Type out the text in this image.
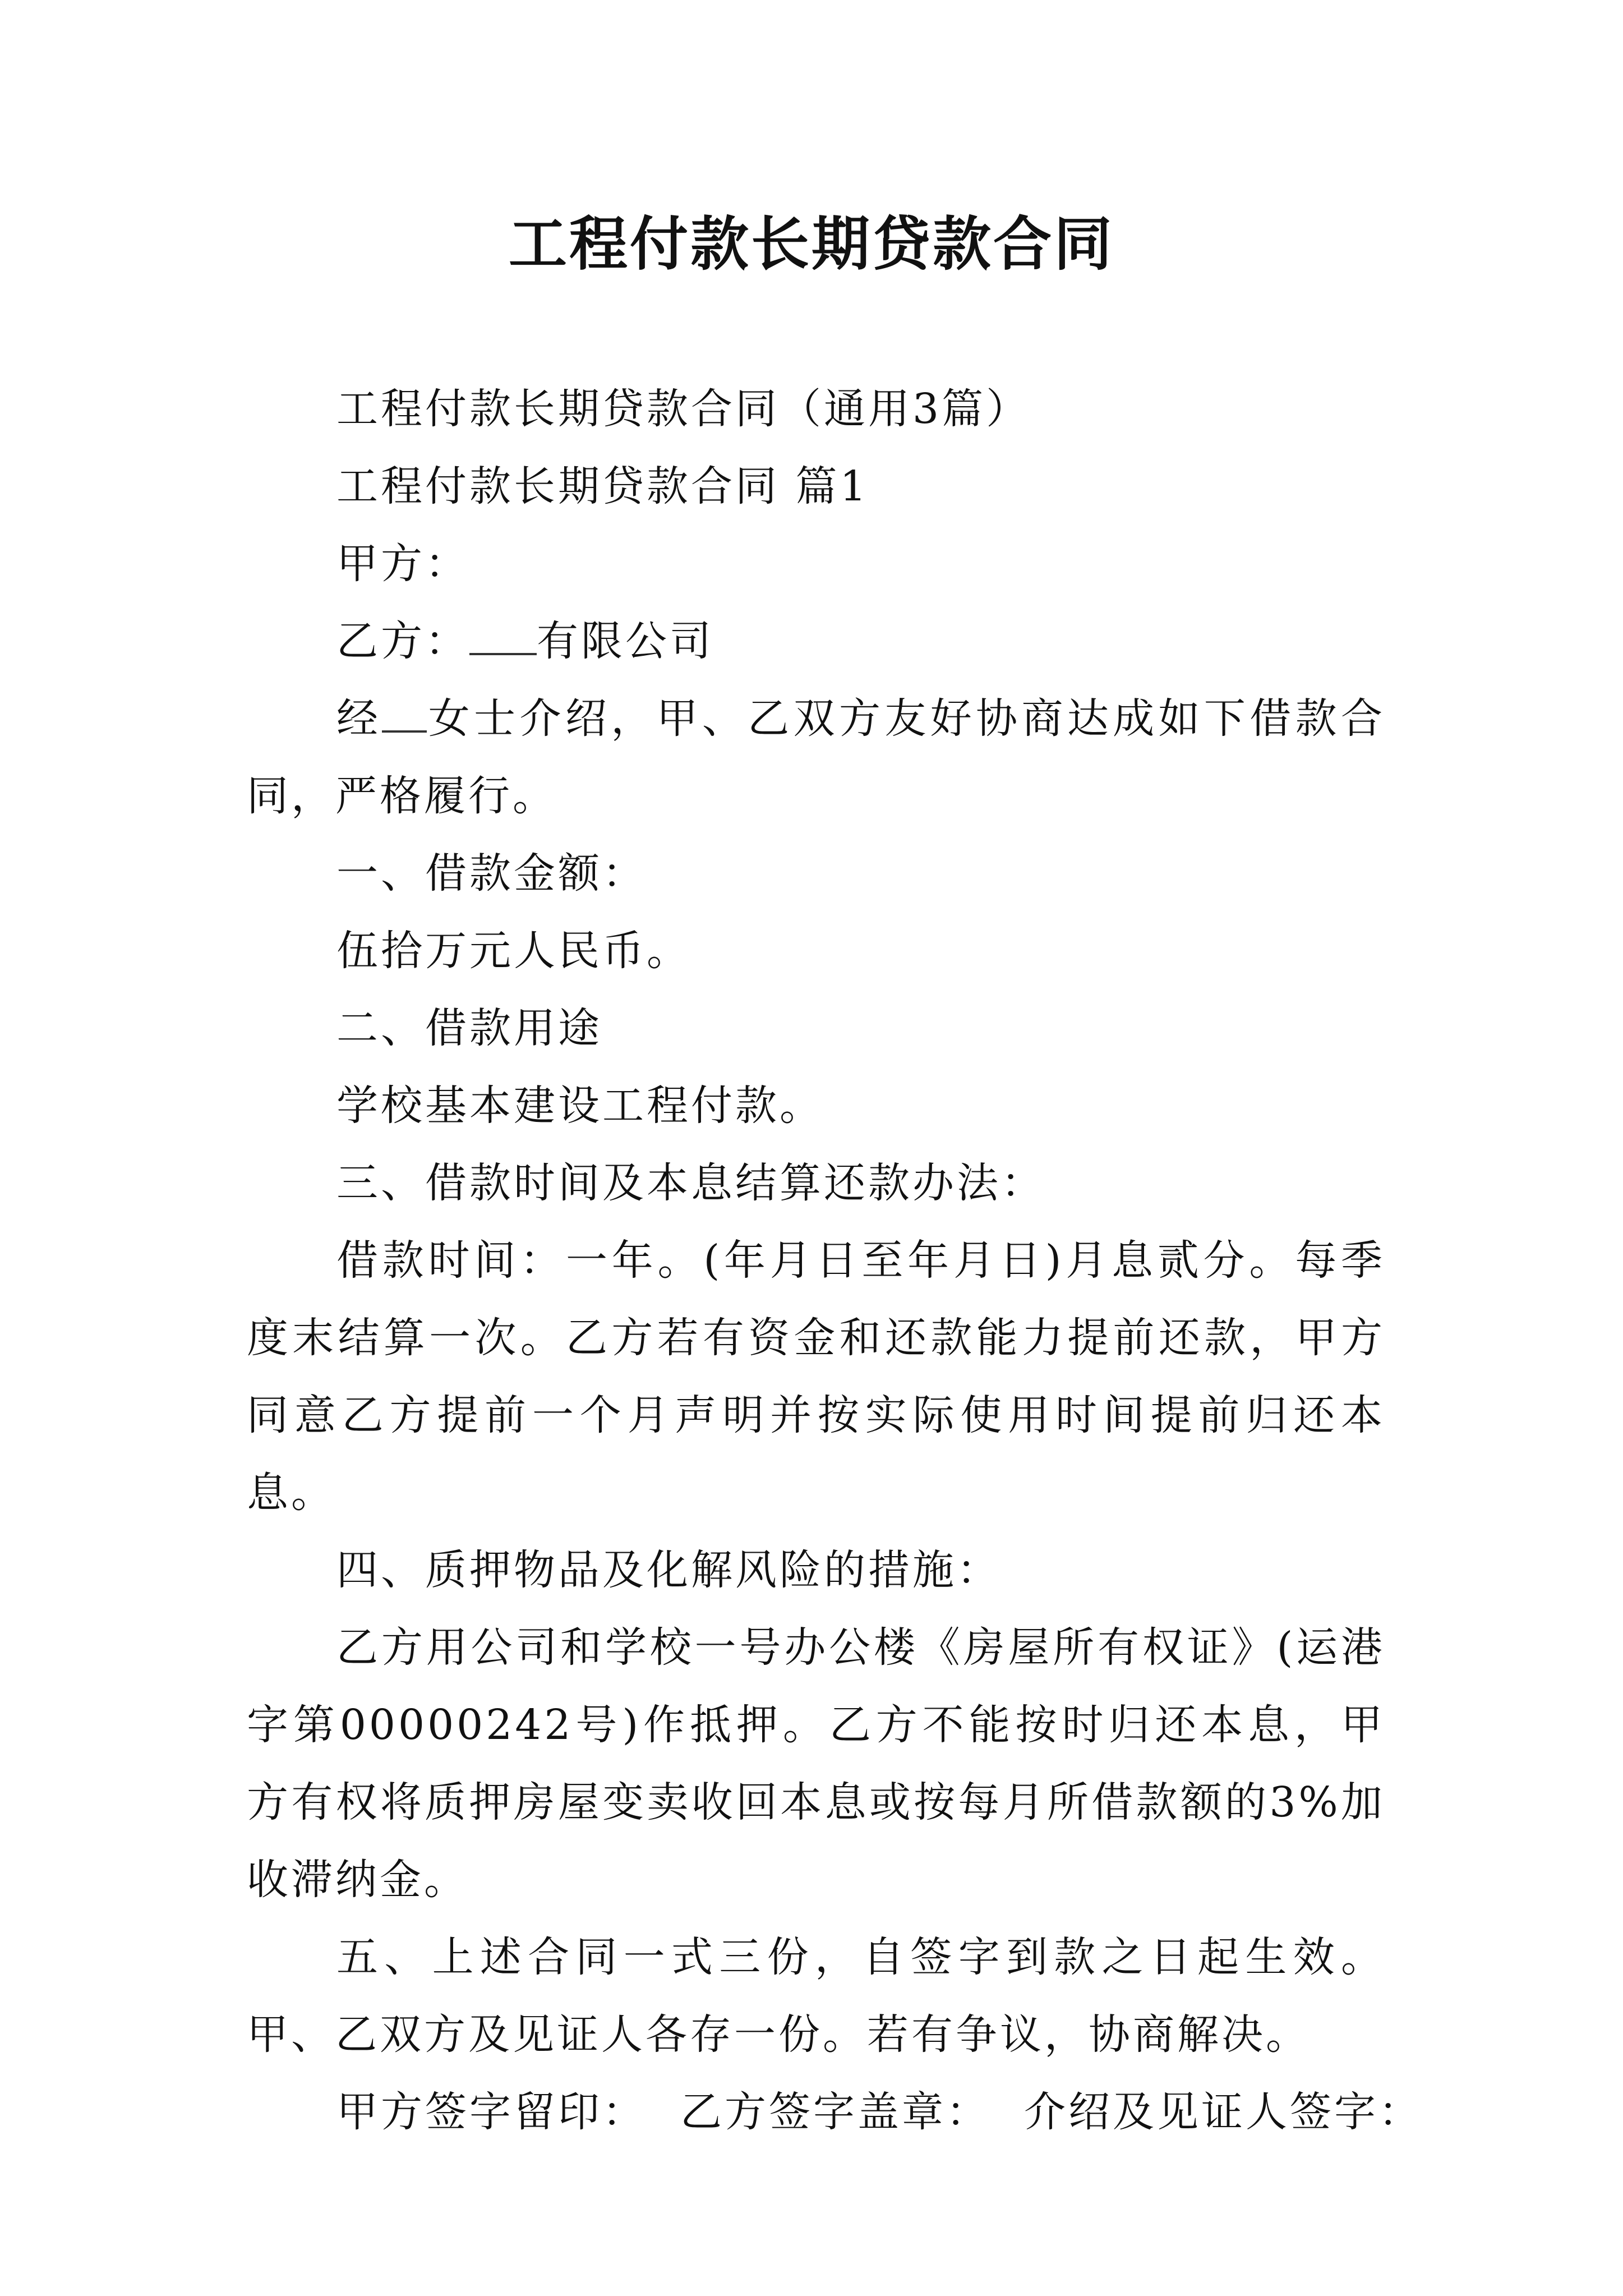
工程付款长期贷款合同

工程付款长期贷款合同（通用3篇）

工程付款长期贷款合同 篇1

甲方：

乙方： 有限公司

经 女士介绍，甲、乙双方友好协商达成如下借款合同，严格履行。

一、借款金额：

伍拾万元人民币。

二、借款用途

学校基本建设工程付款。

三、借款时间及本息结算还款办法：

借款时间：一年。(年月日至年月日)月息贰分。每季度末结算一次。乙方若有资金和还款能力提前还款，甲方同意乙方提前一个月声明并按实际使用时间提前归还本息。

四、质押物品及化解风险的措施：

乙方用公司和学校一号办公楼《房屋所有权证》(运港字第00000242号)作抵押。乙方不能按时归还本息，甲方有权将质押房屋变卖收回本息或按每月所借款额的3%加收滞纳金。

五、上述合同一式三份，自签字到款之日起生效。甲、乙双方及见证人各存一份。若有争议，协商解决。

甲方签字留印： 乙方签字盖章： 介绍及见证人签字：
